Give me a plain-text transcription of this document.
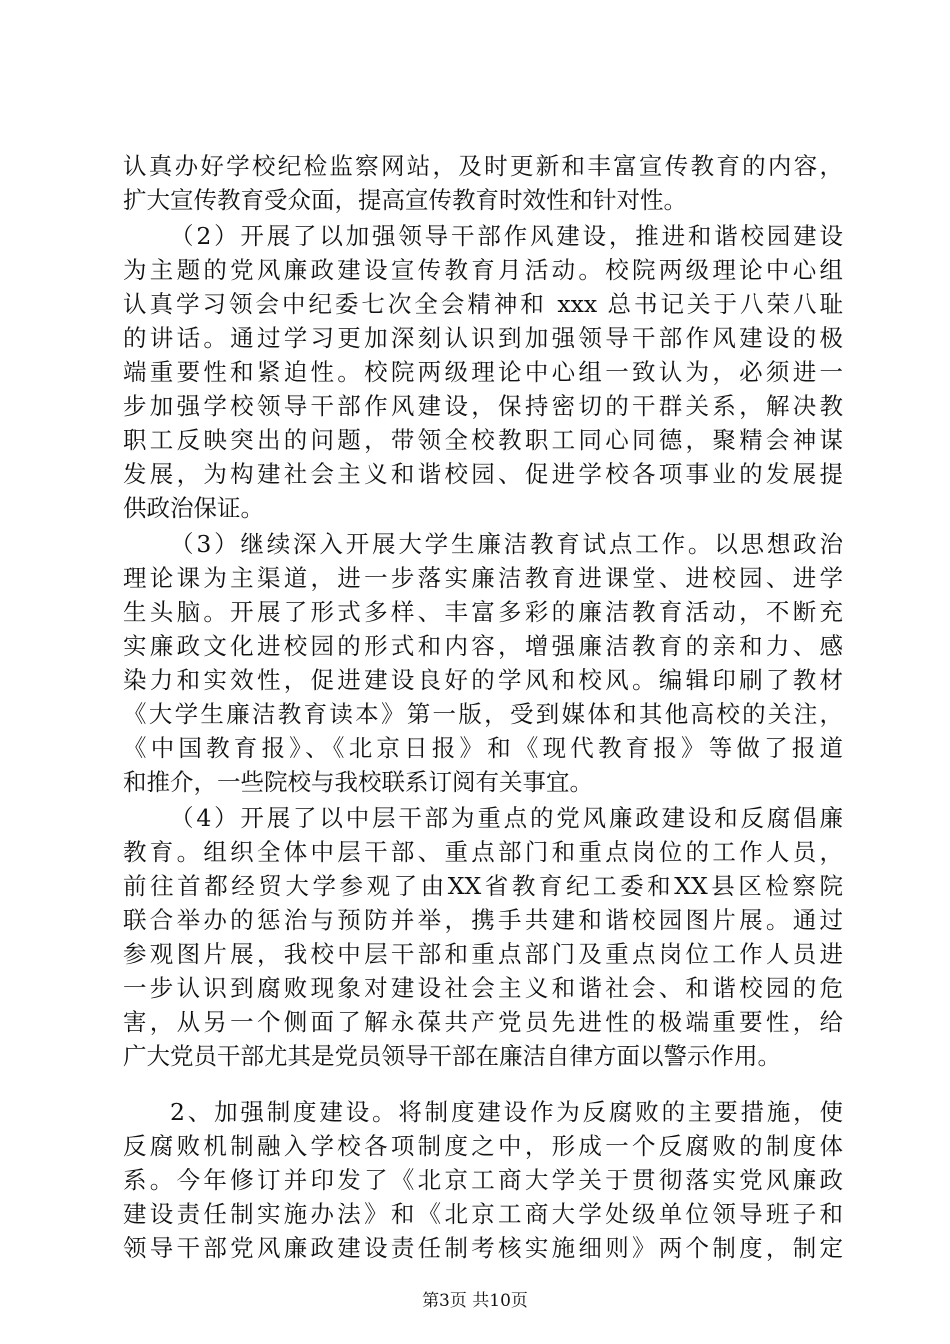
认真办好学校纪检监察网站，及时更新和丰富宣传教育的内容，
扩大宣传教育受众面，提高宣传教育时效性和针对性。
（2）开展了以加强领导干部作风建设，推进和谐校园建设
为主题的党风廉政建设宣传教育月活动。校院两级理论中心组
认真学习领会中纪委七次全会精神和 xxx 总书记关于八荣八耻
的讲话。通过学习更加深刻认识到加强领导干部作风建设的极
端重要性和紧迫性。校院两级理论中心组一致认为，必须进一
步加强学校领导干部作风建设，保持密切的干群关系，解决教
职工反映突出的问题，带领全校教职工同心同德，聚精会神谋
发展，为构建社会主义和谐校园、促进学校各项事业的发展提
供政治保证。
（3）继续深入开展大学生廉洁教育试点工作。以思想政治
理论课为主渠道，进一步落实廉洁教育进课堂、进校园、进学
生头脑。开展了形式多样、丰富多彩的廉洁教育活动，不断充
实廉政文化进校园的形式和内容，增强廉洁教育的亲和力、感
染力和实效性，促进建设良好的学风和校风。编辑印刷了教材
《大学生廉洁教育读本》第一版，受到媒体和其他高校的关注，
《中国教育报》、《北京日报》和《现代教育报》等做了报道
和推介，一些院校与我校联系订阅有关事宜。
（4）开展了以中层干部为重点的党风廉政建设和反腐倡廉
教育。组织全体中层干部、重点部门和重点岗位的工作人员，
前往首都经贸大学参观了由XX省教育纪工委和XX县区检察院
联合举办的惩治与预防并举，携手共建和谐校园图片展。通过
参观图片展，我校中层干部和重点部门及重点岗位工作人员进
一步认识到腐败现象对建设社会主义和谐社会、和谐校园的危
害，从另一个侧面了解永葆共产党员先进性的极端重要性，给
广大党员干部尤其是党员领导干部在廉洁自律方面以警示作用。
2、加强制度建设。将制度建设作为反腐败的主要措施，使
反腐败机制融入学校各项制度之中，形成一个反腐败的制度体
系。今年修订并印发了《北京工商大学关于贯彻落实党风廉政
建设责任制实施办法》和《北京工商大学处级单位领导班子和
领导干部党风廉政建设责任制考核实施细则》两个制度，制定
第3页 共10页
